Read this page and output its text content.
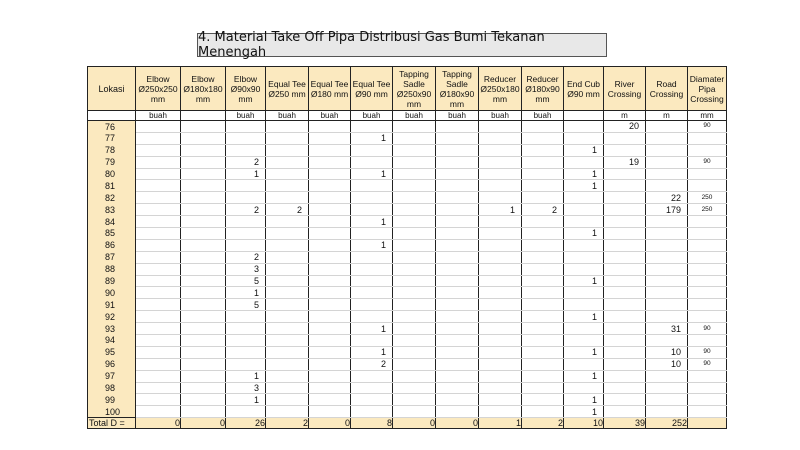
4. Material Take Off Pipa Distribusi Gas Bumi Tekanan Menengah
Lokasi	Elbow Ø250x250 mm	Elbow Ø180x180 mm	Elbow Ø90x90 mm	Equal Tee Ø250 mm	Equal Tee Ø180 mm	Equal Tee Ø90 mm	Tapping Sadle Ø250x90 mm	Tapping Sadle Ø180x90 mm	Reducer Ø250x180 mm	Reducer Ø180x90 mm	End Cub Ø90 mm	River Crossing	Road Crossing	Diamater Pipa Crossing
	buah		buah	buah	buah	buah	buah	buah	buah	buah		m	m	mm
76												20		90
77						1								
78											1			
79			2									19		90
80			1			1					1			
81											1			
82													22	250
83			2	2					1	2			179	250
84						1								
85											1			
86						1								
87			2											
88			3											
89			5								1			
90			1											
91			5											
92											1			
93						1							31	90
94														
95						1					1		10	90
96						2							10	90
97			1								1			
98			3											
99			1								1			
100											1			
Total D =	0	0	26	2	0	8	0	0	1	2	10	39	252	
